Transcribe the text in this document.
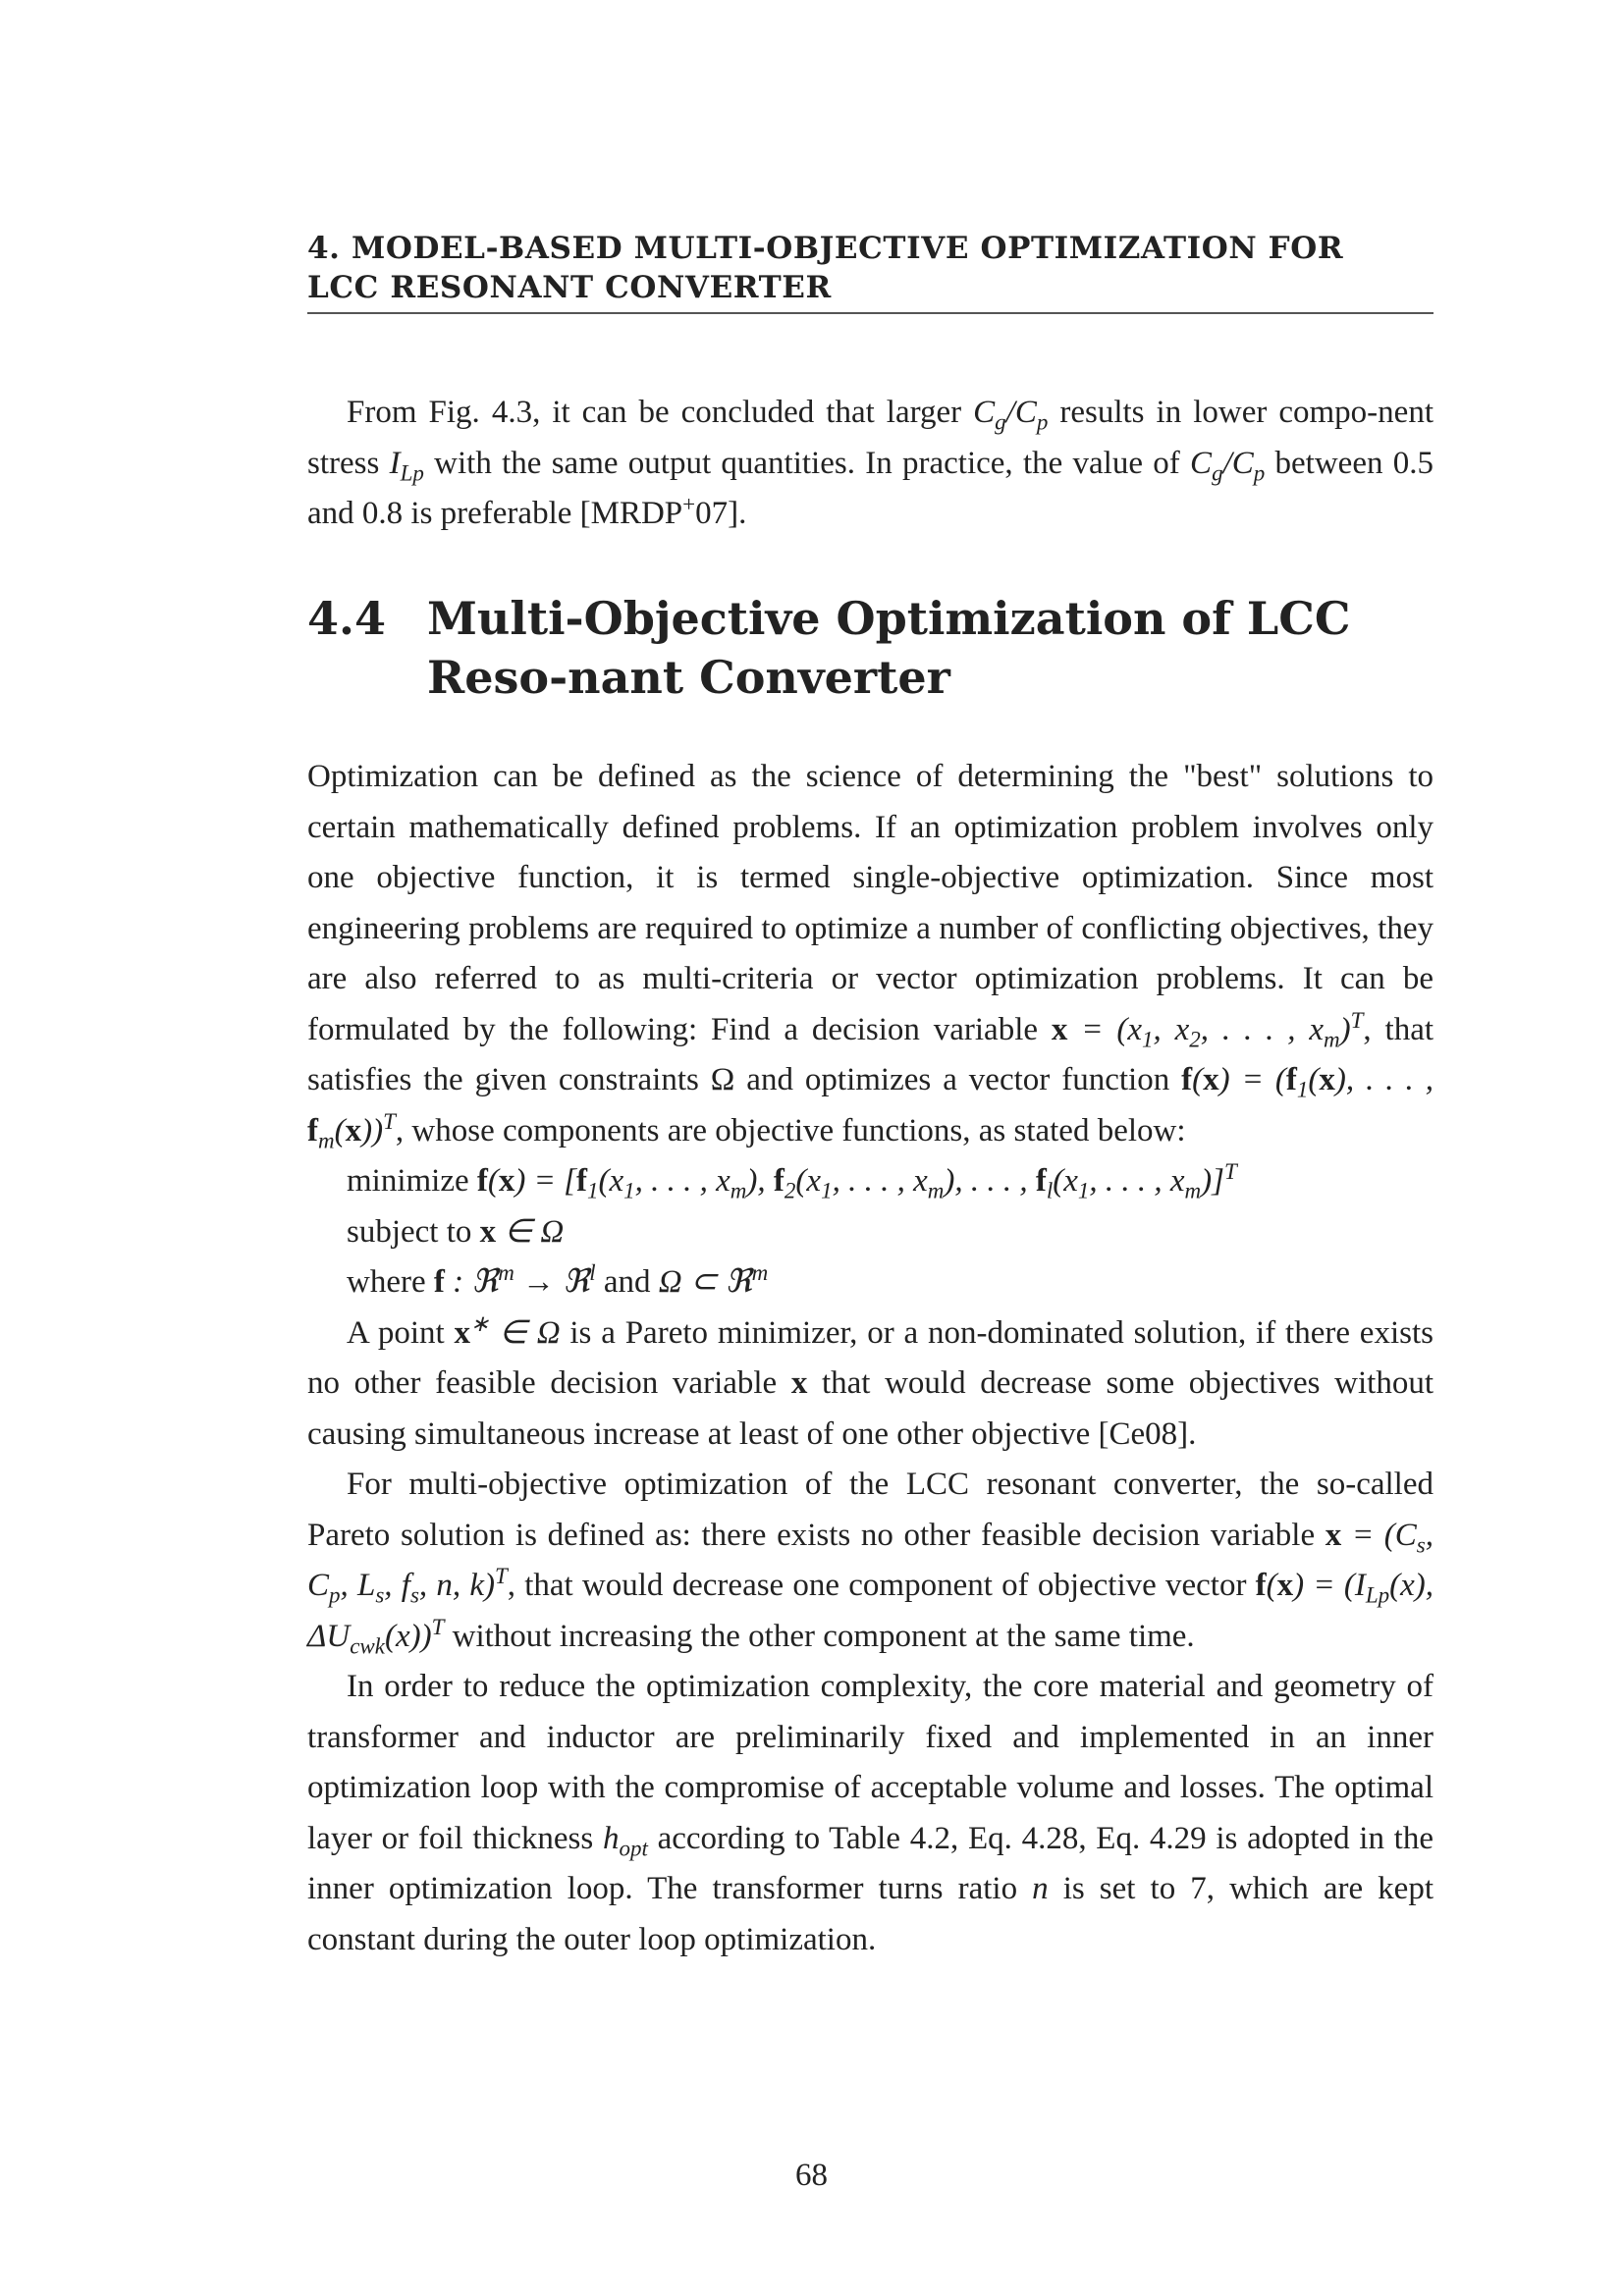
4. MODEL-BASED MULTI-OBJECTIVE OPTIMIZATION FOR
LCC RESONANT CONVERTER

From Fig. 4.3, it can be concluded that larger $C_g/C_p$ results in lower compo-nent stress $I_{Lp}$ with the same output quantities. In practice, the value of $C_g/C_p$ between 0.5 and 0.8 is preferable [MRDP+07].

4.4 Multi-Objective Optimization of LCC Reso-nant Converter

Optimization can be defined as the science of determining the "best" solutions to certain mathematically defined problems. If an optimization problem involves only one objective function, it is termed single-objective optimization. Since most engineering problems are required to optimize a number of conflicting objectives, they are also referred to as multi-criteria or vector optimization problems. It can be formulated by the following: Find a decision variable $x = (x_1$, $x_2$, . . . , $x_m)^T$, that satisfies the given constraints Ω and optimizes a vector function $f(x) = (f_1(x)$, . . . , $f_m(x))^T$, whose components are objective functions, as stated below:

minimize $f(x) = [f_1(x_1$, . . . , $x_m$), $f_2(x_1$, . . . , $x_m$), . . . , $f_l(x_1$, . . . , $x_m)]^T$

subject to x ∈ Ω

where f : ℜ$^m$ → ℜ$^l$ and Ω ⊂ ℜ$^m$

A point x∗ ∈ Ω is a Pareto minimizer, or a non-dominated solution, if there exists no other feasible decision variable x that would decrease some objectives without causing simultaneous increase at least of one other objective [Ce08].

For multi-objective optimization of the LCC resonant converter, the so-called Pareto solution is defined as: there exists no other feasible decision variable $x = (C_s$, $C_p$, $L_s$, $f_s$, n, k)$^T$, that would decrease one component of objective vector $f(x) = (I_{Lp}(x)$, $\Delta U_{cwk}(x))^T$ without increasing the other component at the same time.

In order to reduce the optimization complexity, the core material and geometry of transformer and inductor are preliminarily fixed and implemented in an inner optimization loop with the compromise of acceptable volume and losses. The optimal layer or foil thickness $h_{opt}$ according to Table 4.2, Eq. 4.28, Eq. 4.29 is adopted in the inner optimization loop. The transformer turns ratio n is set to 7, which are kept constant during the outer loop optimization.

68
